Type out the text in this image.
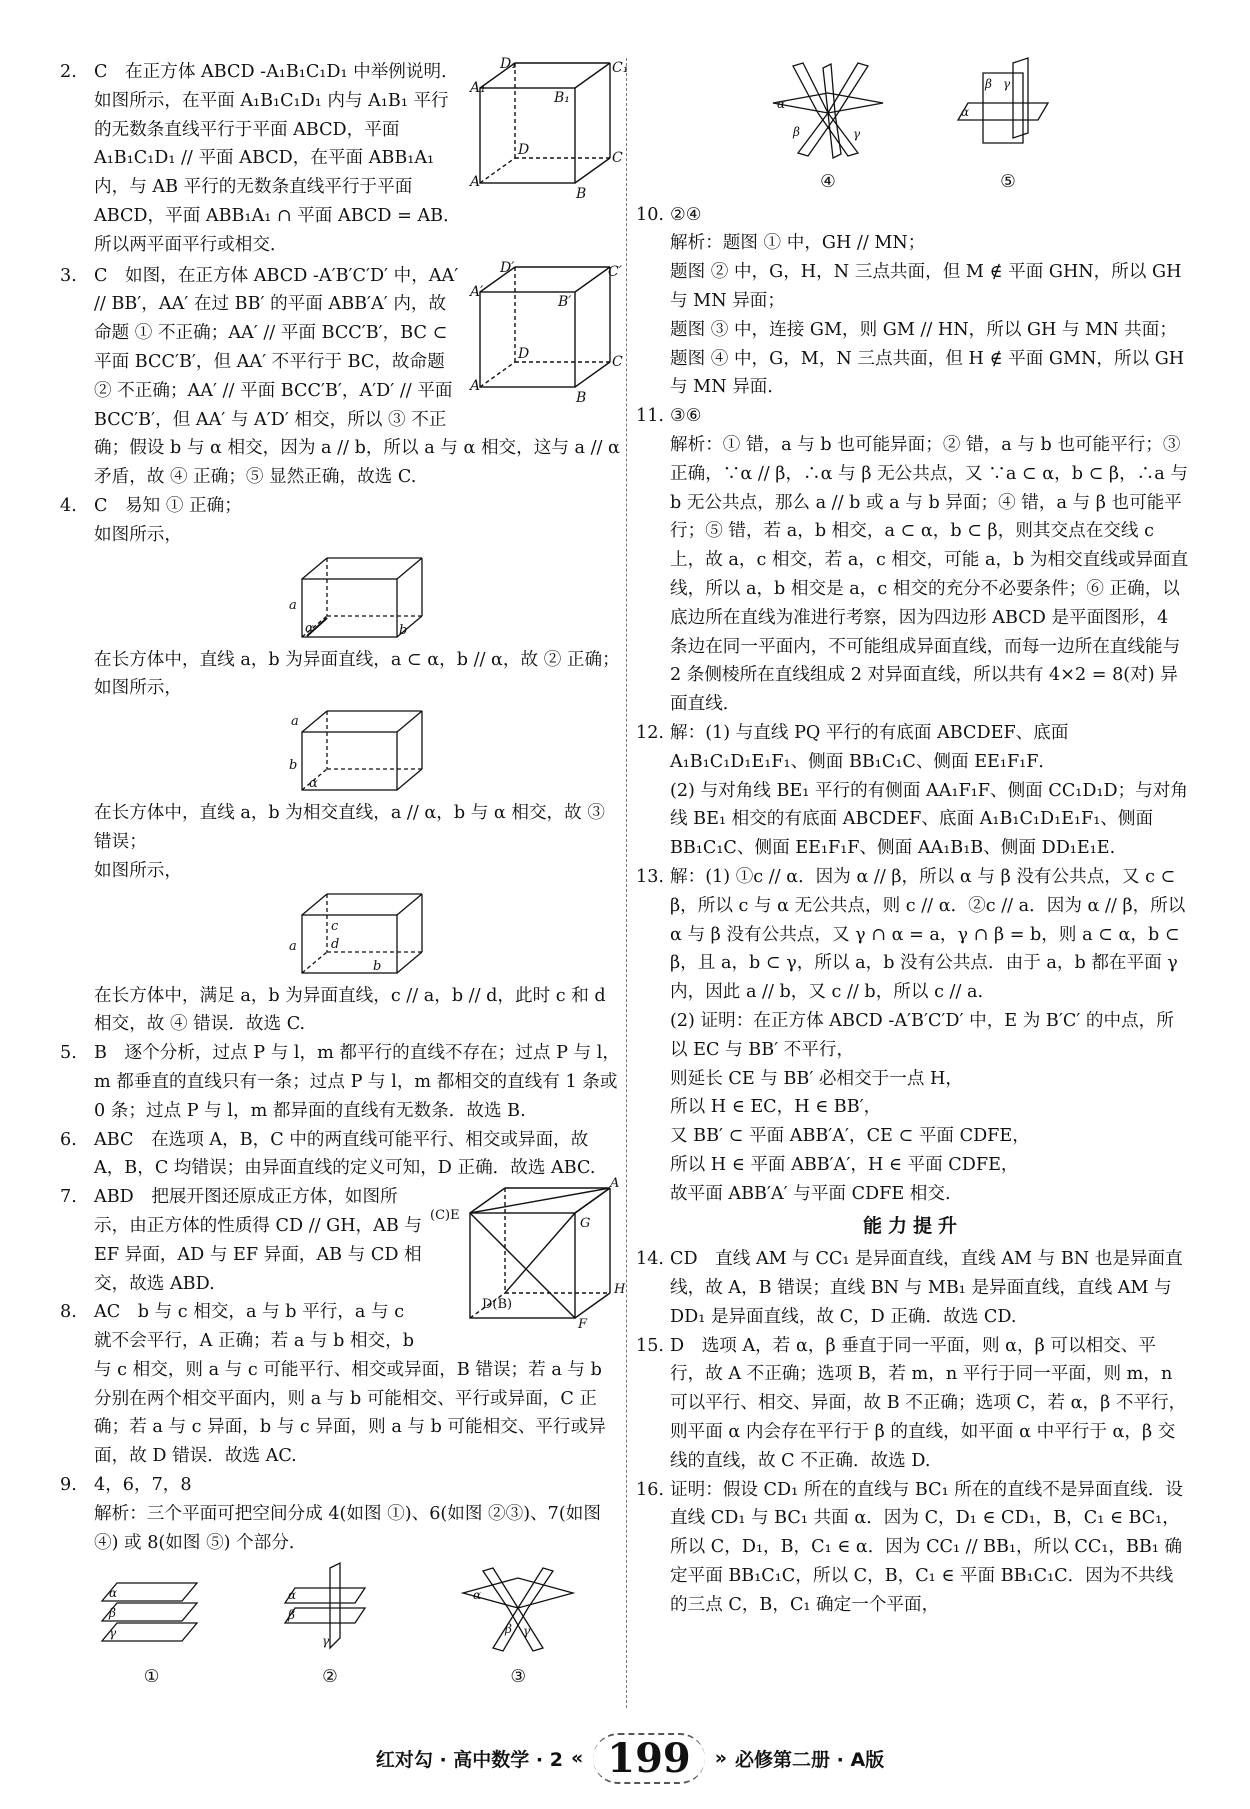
2.	D₁	C₁
A₁
B₁
D	C
A
B

C　在正方体 ABCD -A₁B₁C₁D₁ 中举例说明．如图所示，在平面 A₁B₁C₁D₁ 内与 A₁B₁ 平行的无数条直线平行于平面 ABCD，平面 A₁B₁C₁D₁ // 平面 ABCD，在平面 ABB₁A₁ 内，与 AB 平行的无数条直线平行于平面 ABCD，平面 ABB₁A₁ ∩ 平面 ABCD = AB．所以两平面平行或相交．

3.	D′	C′
A′
B′
D	C
A
B

C　如图，在正方体 ABCD -A′B′C′D′ 中，AA′ // BB′，AA′ 在过 BB′ 的平面 ABB′A′ 内，故命题 ① 不正确；AA′ // 平面 BCC′B′，BC ⊂ 平面 BCC′B′，但 AA′ 不平行于 BC，故命题 ② 不正确；AA′ // 平面 BCC′B′，A′D′ // 平面 BCC′B′，但 AA′ 与 A′D′ 相交，所以 ③ 不正确；假设 b 与 α 相交，因为 a // b，所以 a 与 α 相交，这与 a // α 矛盾，故 ④ 正确；⑤ 显然正确，故选 C.

4. C　易知 ① 正确；

如图所示，

a
α	b

在长方体中，直线 a，b 为异面直线，a ⊂ α，b // α，故 ② 正确；

如图所示，

a
b
α

在长方体中，直线 a，b 为相交直线，a // α，b 与 α 相交，故 ③ 错误；

如图所示，

c
d
a
b

在长方体中，满足 a，b 为异面直线，c // a，b // d，此时 c 和 d 相交，故 ④ 错误．故选 C.

5. B　逐个分析，过点 P 与 l，m 都平行的直线不存在；过点 P 与 l，m 都垂直的直线只有一条；过点 P 与 l，m 都相交的直线有 1 条或 0 条；过点 P 与 l，m 都异面的直线有无数条．故选 B.

6. ABC　在选项 A，B，C 中的两直线可能平行、相交或异面，故 A，B，C 均错误；由异面直线的定义可知，D 正确．故选 ABC.

7.
(C)E
A
G
H
D(B)
F

ABD　把展开图还原成正方体，如图所示，由正方体的性质得 CD // GH，AB 与 EF 异面，AD 与 EF 异面，AB 与 CD 相交，故选 ABD.

8. AC　b 与 c 相交，a 与 b 平行，a 与 c 就不会平行，A 正确；若 a 与 b 相交，b 与 c 相交，则 a 与 c 可能平行、相交或异面，B 错误；若 a 与 b 分别在两个相交平面内，则 a 与 b 可能相交、平行或异面，C 正确；若 a 与 c 异面，b 与 c 异面，则 a 与 b 可能相交、平行或异面，故 D 错误．故选 AC.

9. 4，6，7，8

解析：三个平面可把空间分成 4(如图 ①)、6(如图 ②③)、7(如图 ④) 或 8(如图 ⑤) 个部分．

α
β
γ
①
α
β
γ
②
α
β γ
③
α
β	γ
④
β γ
α
⑤
10. ②④

解析：题图 ① 中，GH // MN；

题图 ② 中，G，H，N 三点共面，但 M ∉ 平面 GHN，所以 GH 与 MN 异面；

题图 ③ 中，连接 GM，则 GM // HN，所以 GH 与 MN 共面；

题图 ④ 中，G，M，N 三点共面，但 H ∉ 平面 GMN，所以 GH 与 MN 异面．

11. ③⑥

解析：① 错，a 与 b 也可能异面；② 错，a 与 b 也可能平行；③ 正确，∵α // β，∴α 与 β 无公共点，又 ∵a ⊂ α，b ⊂ β，∴a 与 b 无公共点，那么 a // b 或 a 与 b 异面；④ 错，a 与 β 也可能平行；⑤ 错，若 a，b 相交，a ⊂ α，b ⊂ β，则其交点在交线 c 上，故 a，c 相交，若 a，c 相交，可能 a，b 为相交直线或异面直线，所以 a，b 相交是 a，c 相交的充分不必要条件；⑥ 正确，以底边所在直线为准进行考察，因为四边形 ABCD 是平面图形，4 条边在同一平面内，不可能组成异面直线，而每一边所在直线能与 2 条侧棱所在直线组成 2 对异面直线，所以共有 4×2 = 8(对) 异面直线．

12. 解：(1) 与直线 PQ 平行的有底面 ABCDEF、底面 A₁B₁C₁D₁E₁F₁、侧面 BB₁C₁C、侧面 EE₁F₁F．

(2) 与对角线 BE₁ 平行的有侧面 AA₁F₁F、侧面 CC₁D₁D；与对角线 BE₁ 相交的有底面 ABCDEF、底面 A₁B₁C₁D₁E₁F₁、侧面 BB₁C₁C、侧面 EE₁F₁F、侧面 AA₁B₁B、侧面 DD₁E₁E.

13. 解：(1) ①c // α．因为 α // β，所以 α 与 β 没有公共点，又 c ⊂ β，所以 c 与 α 无公共点，则 c // α．②c // a．因为 α // β，所以 α 与 β 没有公共点，又 γ ∩ α = a，γ ∩ β = b，则 a ⊂ α，b ⊂ β，且 a，b ⊂ γ，所以 a，b 没有公共点．由于 a，b 都在平面 γ 内，因此 a // b，又 c // b，所以 c // a.

(2) 证明：在正方体 ABCD -A′B′C′D′ 中，E 为 B′C′ 的中点，所以 EC 与 BB′ 不平行，

则延长 CE 与 BB′ 必相交于一点 H，

所以 H ∈ EC，H ∈ BB′，

又 BB′ ⊂ 平面 ABB′A′，CE ⊂ 平面 CDFE，

所以 H ∈ 平面 ABB′A′，H ∈ 平面 CDFE，

故平面 ABB′A′ 与平面 CDFE 相交.

能力提升
14. CD　直线 AM 与 CC₁ 是异面直线，直线 AM 与 BN 也是异面直线，故 A，B 错误；直线 BN 与 MB₁ 是异面直线，直线 AM 与 DD₁ 是异面直线，故 C，D 正确．故选 CD.

15. D　选项 A，若 α，β 垂直于同一平面，则 α，β 可以相交、平行，故 A 不正确；选项 B，若 m，n 平行于同一平面，则 m，n 可以平行、相交、异面，故 B 不正确；选项 C，若 α，β 不平行，则平面 α 内会存在平行于 β 的直线，如平面 α 中平行于 α，β 交线的直线，故 C 不正确．故选 D.

16. 证明：假设 CD₁ 所在的直线与 BC₁ 所在的直线不是异面直线．设直线 CD₁ 与 BC₁ 共面 α．因为 C，D₁ ∈ CD₁，B，C₁ ∈ BC₁，所以 C，D₁，B，C₁ ∈ α．因为 CC₁ // BB₁，所以 CC₁，BB₁ 确定平面 BB₁C₁C，所以 C，B，C₁ ∈ 平面 BB₁C₁C．因为不共线的三点 C，B，C₁ 确定一个平面，

红对勾 · 高中数学 · 2 « 199	» 必修第二册 · A版
